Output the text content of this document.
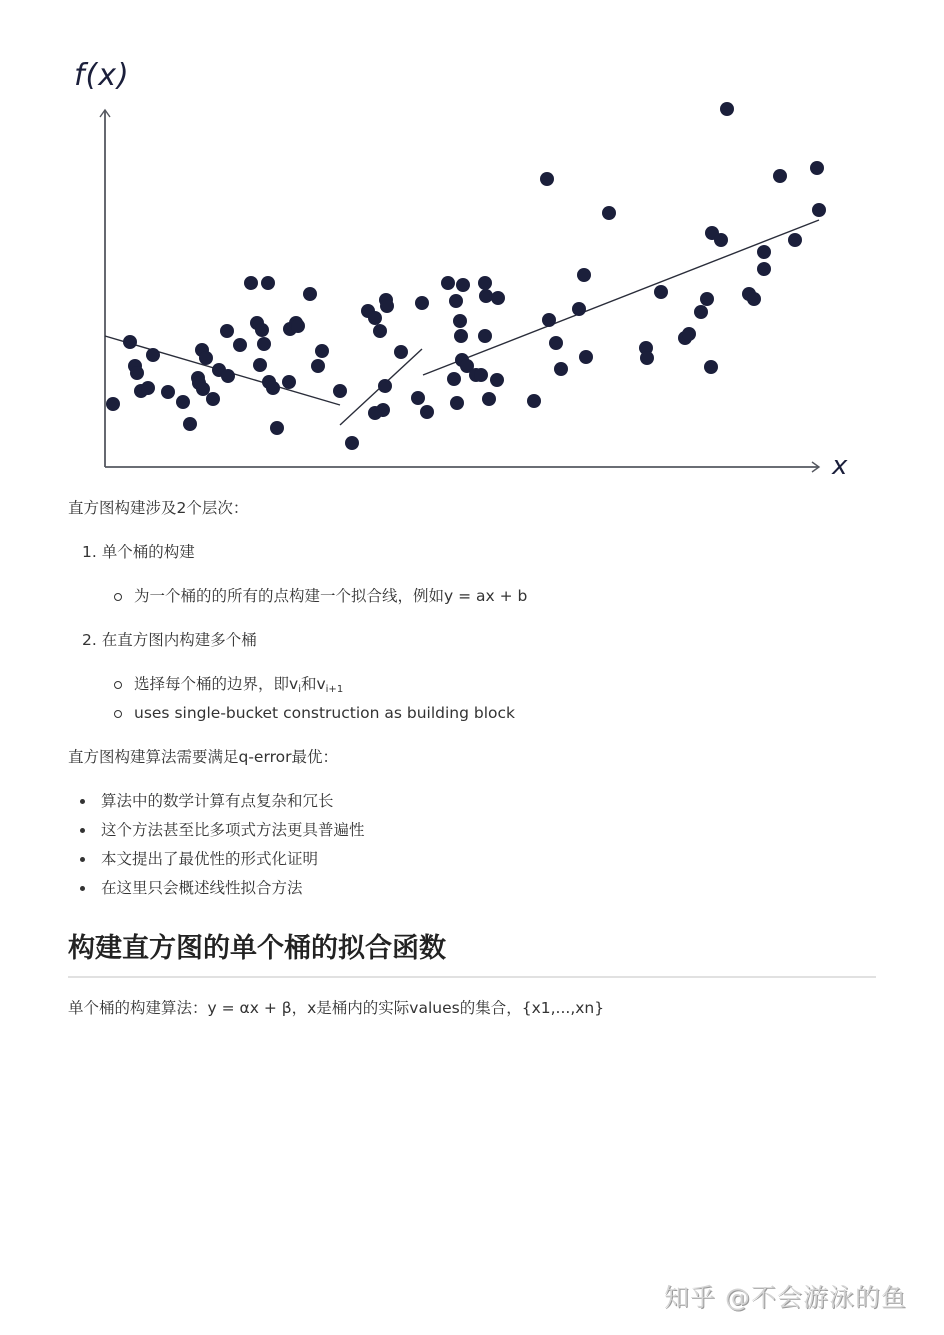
f(x)
x
直方图构建涉及2个层次：
1. 单个桶的构建
为一个桶的的所有的点构建一个拟合线，例如y = ax + b
2. 在直方图内构建多个桶
选择每个桶的边界，即$v_i$和$v_{i+1}$
uses single-bucket construction as building block
直方图构建算法需要满足q-error最优：
算法中的数学计算有点复杂和冗长
这个方法甚至比多项式方法更具普遍性
本文提出了最优性的形式化证明
在这里只会概述线性拟合方法
构建直方图的单个桶的拟合函数
单个桶的构建算法：y = αx + β，x是桶内的实际values的集合，{x1,...,xn}
知乎 @不会游泳的鱼
